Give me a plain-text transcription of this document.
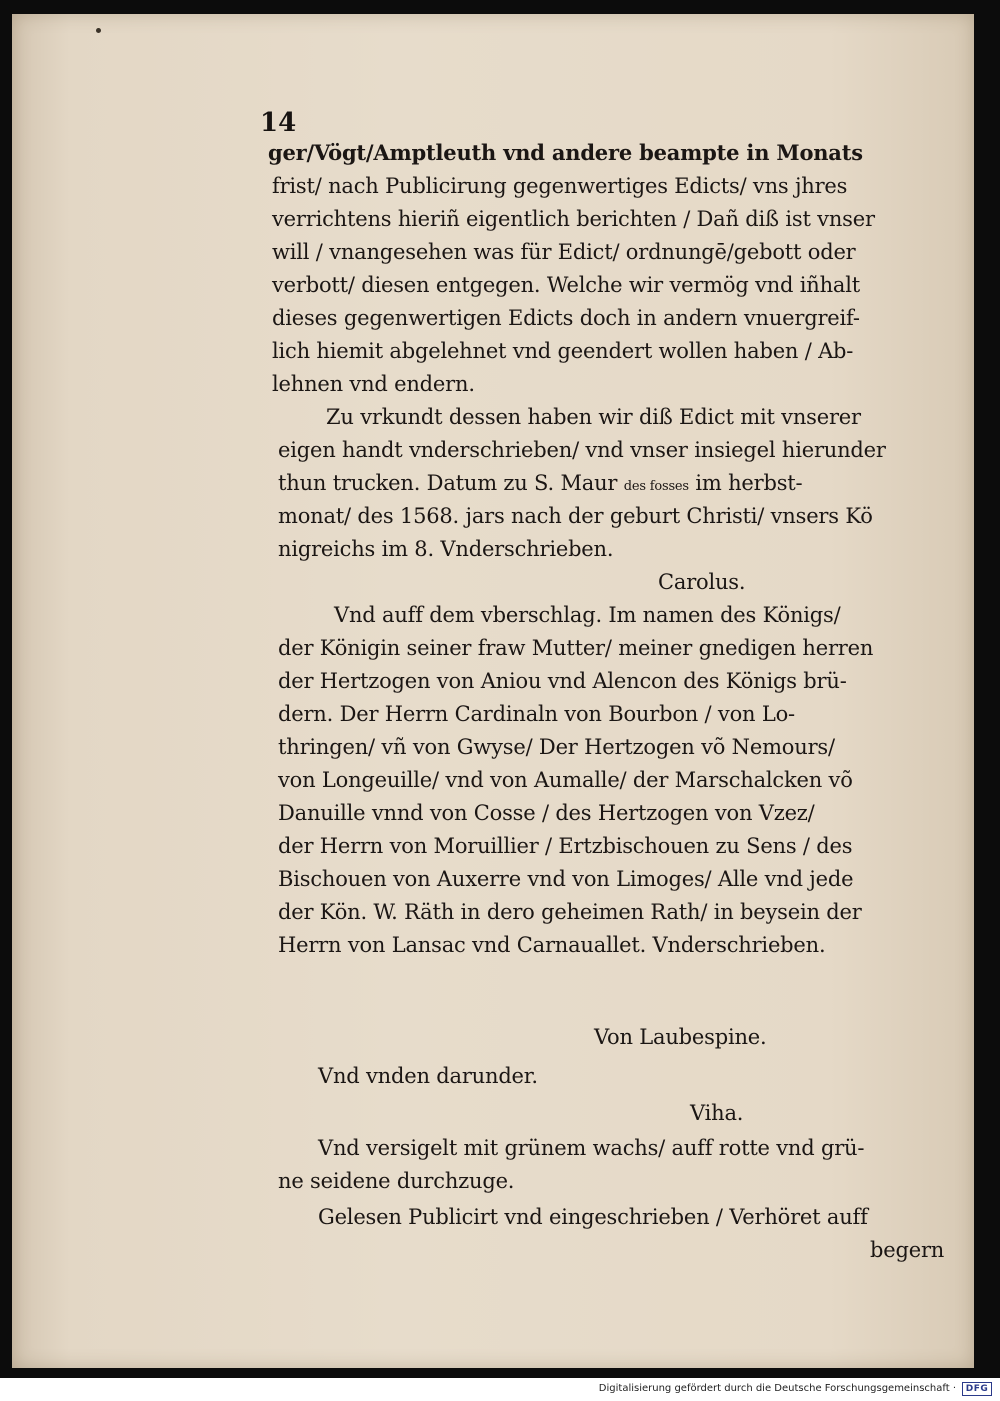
14
ger/Vögt/Amptleuth vnd andere beampte in Monats
frist/ nach Publicirung gegenwertiges Edicts/ vns jhres
verrichtens hieriñ eigentlich berichten / Dañ diß ist vnser
will / vnangesehen was für Edict/ ordnungē/gebott oder
verbott/ diesen entgegen. Welche wir vermög vnd iñhalt
dieses gegenwertigen Edicts doch in andern vnuergreif-
lich hiemit abgelehnet vnd geendert wollen haben / Ab-
lehnen vnd endern.
Zu vrkundt dessen haben wir diß Edict mit vnserer
eigen handt vnderschrieben/ vnd vnser insiegel hierunder
thun trucken. Datum zu S. Maur des fosses im herbst-
monat/ des 1568. jars nach der geburt Christi/ vnsers Kö
nigreichs im 8. Vnderschrieben.
Carolus.
Vnd auff dem vberschlag. Im namen des Königs/
der Königin seiner fraw Mutter/ meiner gnedigen herren
der Hertzogen von Aniou vnd Alencon des Königs brü-
dern. Der Herrn Cardinaln von Bourbon / von Lo-
thringen/ vñ von Gwyse/ Der Hertzogen võ Nemours/
von Longeuille/ vnd von Aumalle/ der Marschalcken võ
Danuille vnnd von Cosse / des Hertzogen von Vzez/
der Herrn von Moruillier / Ertzbischouen zu Sens / des
Bischouen von Auxerre vnd von Limoges/ Alle vnd jede
der Kön. W. Räth in dero geheimen Rath/ in beysein der
Herrn von Lansac vnd Carnauallet. Vnderschrieben.
Von Laubespine.
Vnd vnden darunder.
Viha.
Vnd versigelt mit grünem wachs/ auff rotte vnd grü-
ne seidene durchzuge.
Gelesen Publicirt vnd eingeschrieben / Verhöret auff
begern
Digitalisierung gefördert durch die Deutsche Forschungsgemeinschaft ·	DFG
